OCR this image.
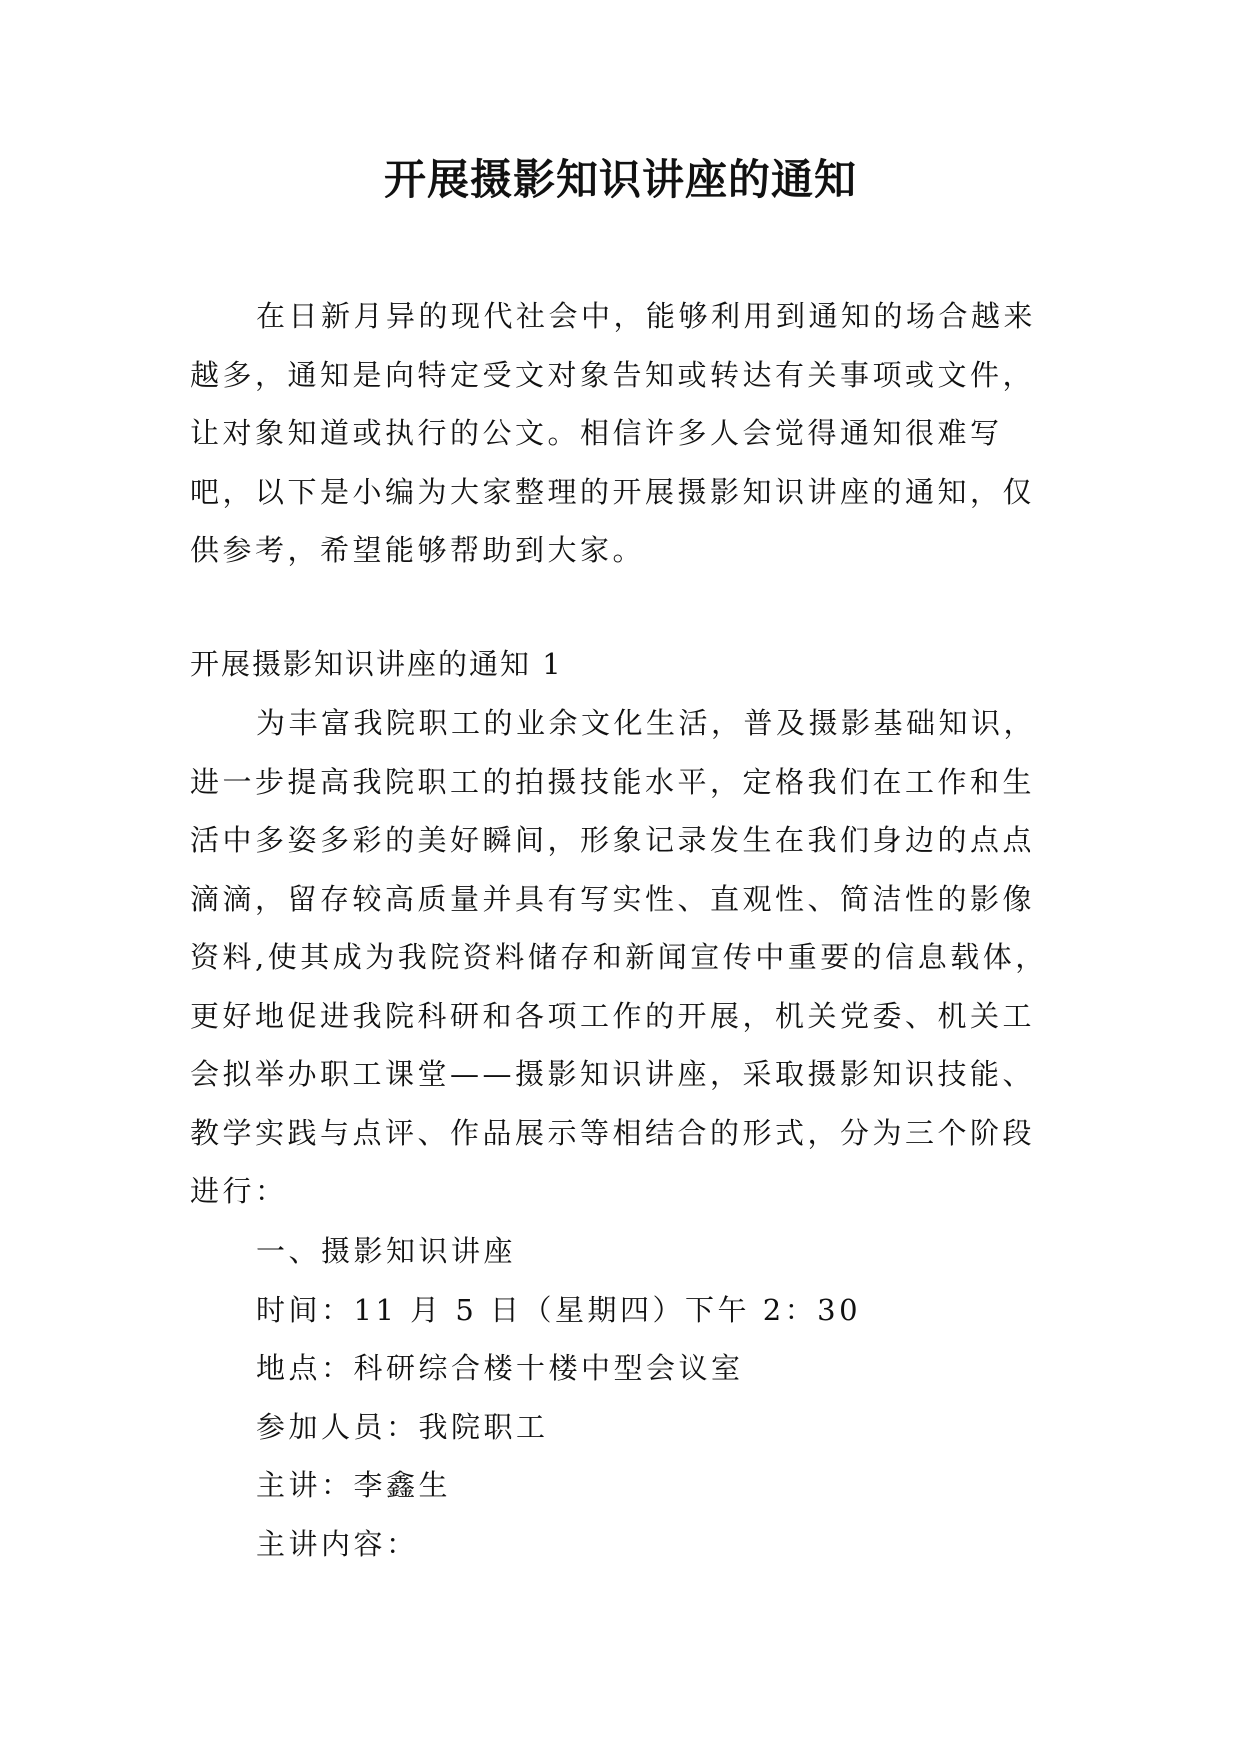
开展摄影知识讲座的通知

在日新月异的现代社会中，能够利用到通知的场合越来越多，通知是向特定受文对象告知或转达有关事项或文件，让对象知道或执行的公文。相信许多人会觉得通知很难写吧，以下是小编为大家整理的开展摄影知识讲座的通知，仅供参考，希望能够帮助到大家。

开展摄影知识讲座的通知 1

为丰富我院职工的业余文化生活，普及摄影基础知识，进一步提高我院职工的拍摄技能水平，定格我们在工作和生活中多姿多彩的美好瞬间，形象记录发生在我们身边的点点滴滴，留存较高质量并具有写实性、直观性、简洁性的影像资料,使其成为我院资料储存和新闻宣传中重要的信息载体，更好地促进我院科研和各项工作的开展，机关党委、机关工会拟举办职工课堂——摄影知识讲座，采取摄影知识技能、教学实践与点评、作品展示等相结合的形式，分为三个阶段进行：

一、摄影知识讲座
时间：11 月 5 日（星期四）下午 2：30
地点：科研综合楼十楼中型会议室
参加人员：我院职工
主讲：李鑫生
主讲内容：
